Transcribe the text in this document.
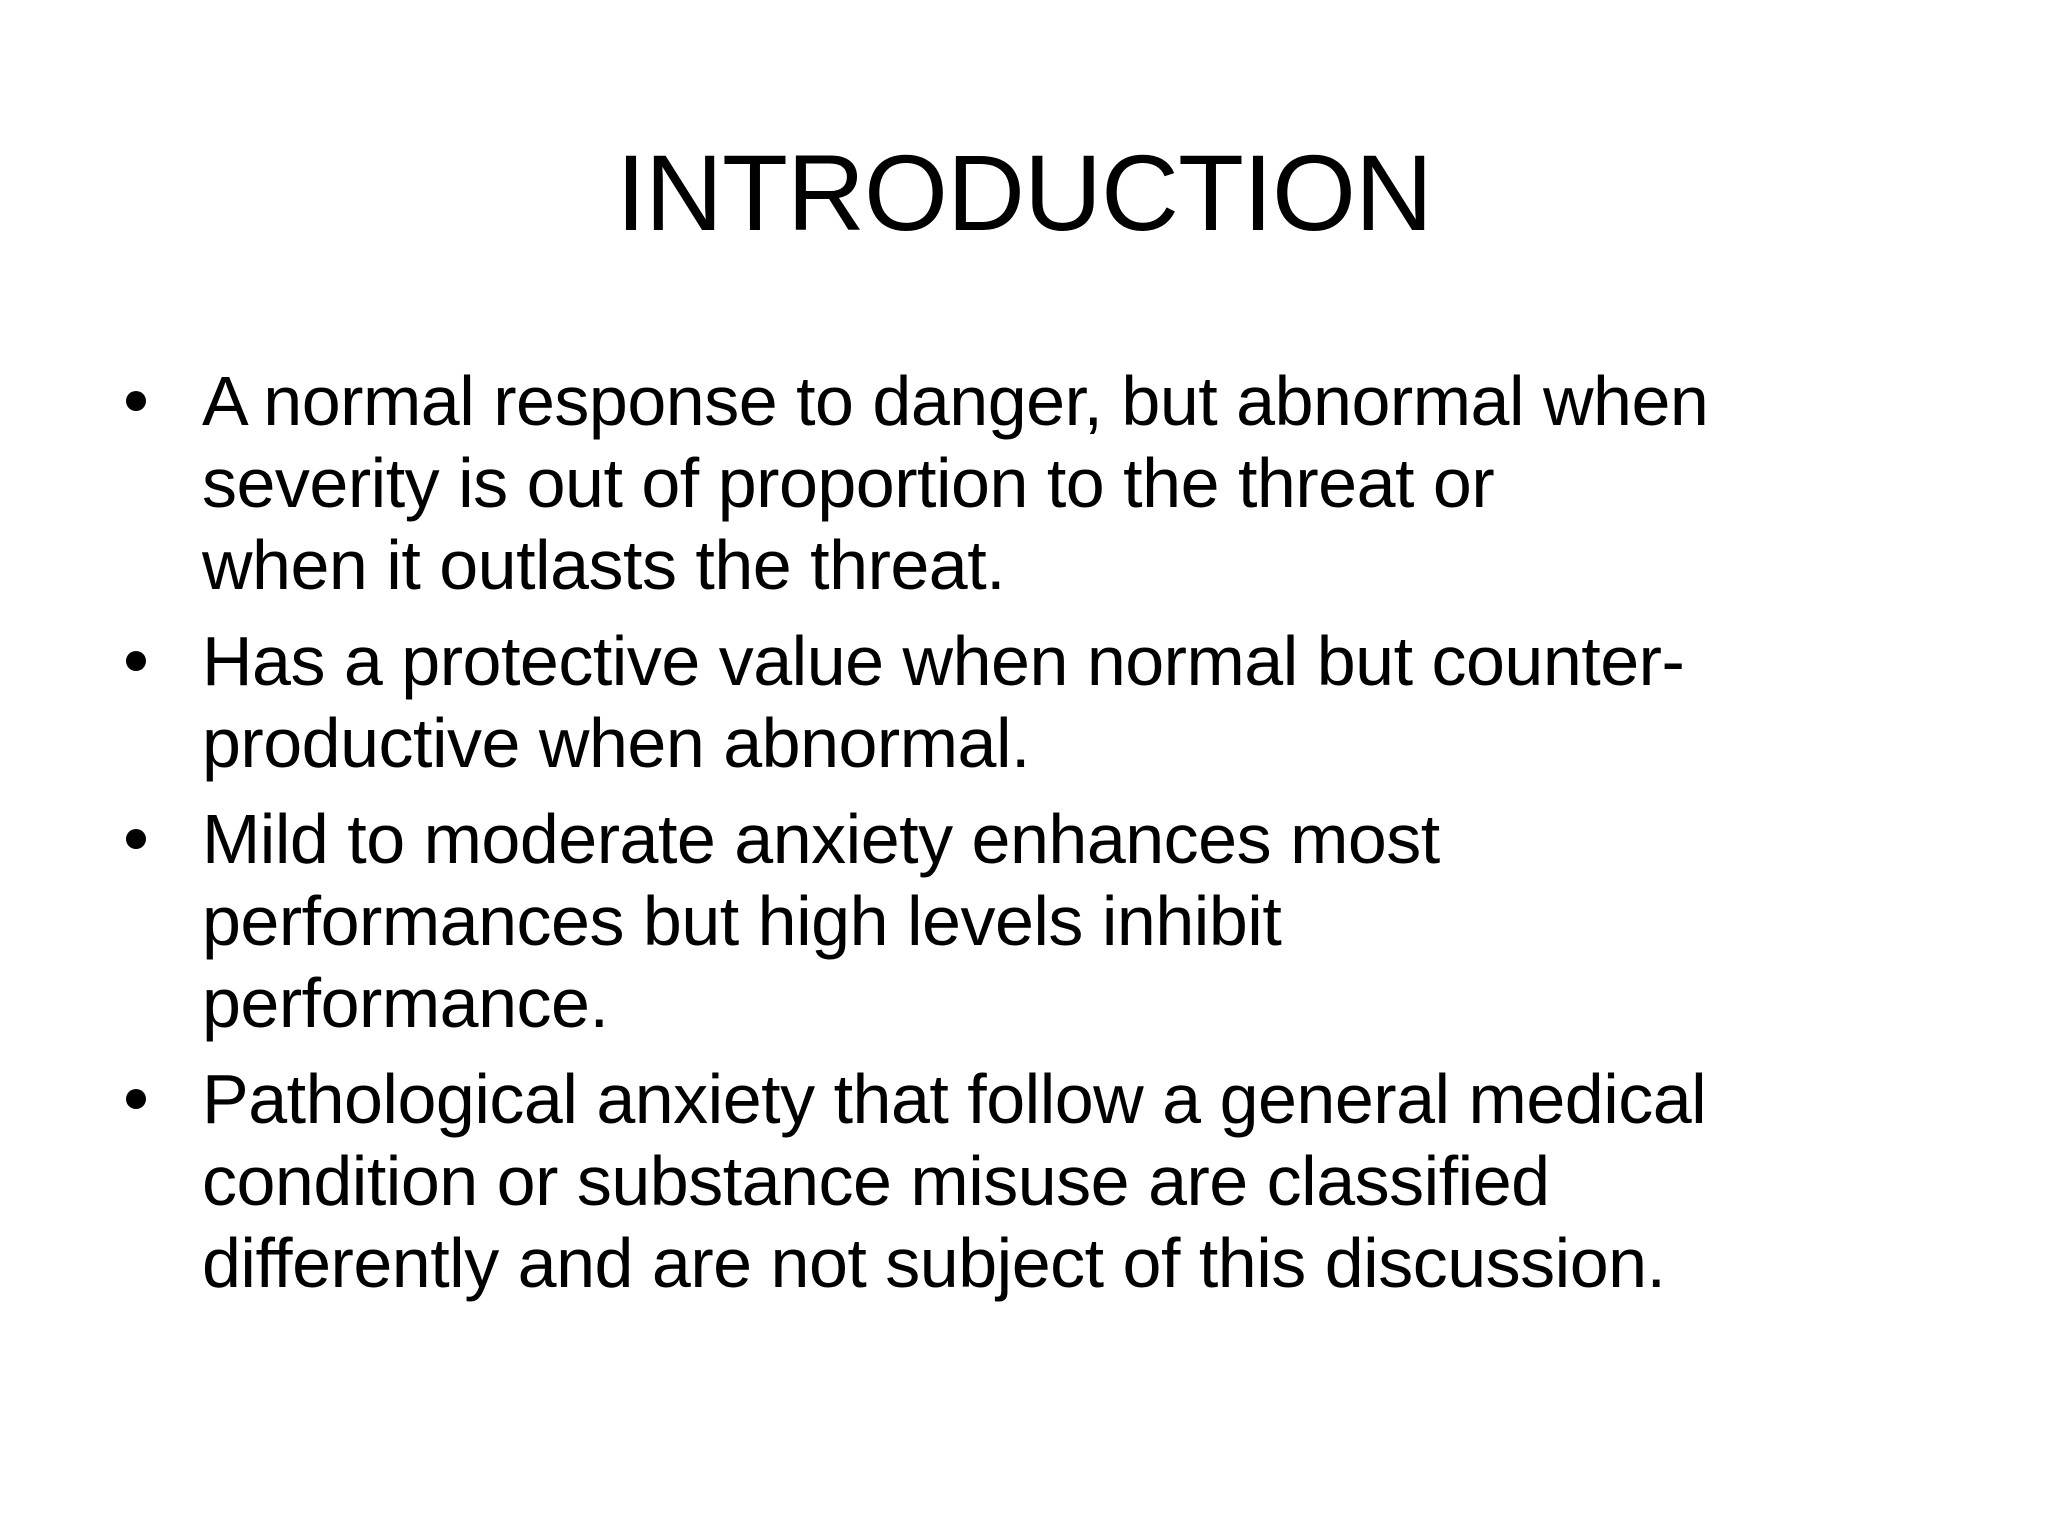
INTRODUCTION
A normal response to danger, but abnormal when
severity is out of proportion to the threat or
when it outlasts the threat.
Has a protective value when normal but counter-
productive when abnormal.
Mild to moderate anxiety enhances most
performances but high levels inhibit
performance.
Pathological anxiety that follow a general medical
condition or substance misuse are classified
differently and are not subject of this discussion.
